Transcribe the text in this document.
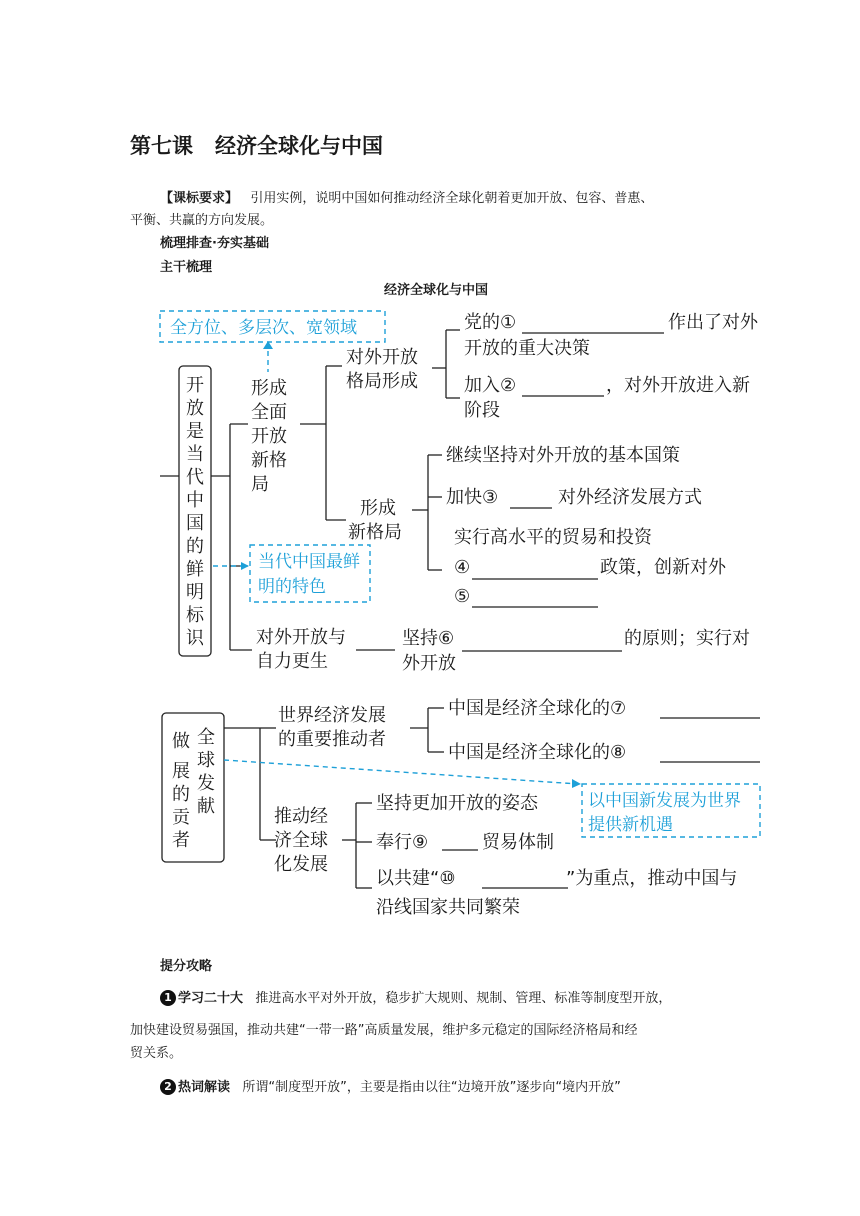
第七课 经济全球化与中国
【课标要求】 引用实例，说明中国如何推动经济全球化朝着更加开放、包容、普惠、
平衡、共赢的方向发展。
梳理排查·夯实基础
主干梳理
经济全球化与中国
全方位、多层次、宽领域
当代中国最鲜
明的特色
以中国新发展为世界
提供新机遇
开
放
是
当
代
中
国
的
鲜
明
标
识
形成
全面
开放
新格
局
对外开放
格局形成
党的①	作出了对外
开放的重大决策
加入②	，对外开放进入新
阶段
形成
新格局
继续坚持对外开放的基本国策
加快③	对外经济发展方式
实行高水平的贸易和投资
④	政策，创新对外
⑤
对外开放与
自力更生
坚持⑥	的原则；实行对
外开放
做 全
球
发
展
的
贡
献
者
世界经济发展
的重要推动者
中国是经济全球化的⑦
中国是经济全球化的⑧
推动经
济全球
化发展
坚持更加开放的姿态
奉行⑨	贸易体制
以共建“⑩	”为重点，推动中国与
沿线国家共同繁荣
提分攻略
1 学习二十大 推进高水平对外开放，稳步扩大规则、规制、管理、标准等制度型开放，
加快建设贸易强国，推动共建“一带一路”高质量发展，维护多元稳定的国际经济格局和经
贸关系。
2 热词解读 所谓“制度型开放”，主要是指由以往“边境开放”逐步向“境内开放”
